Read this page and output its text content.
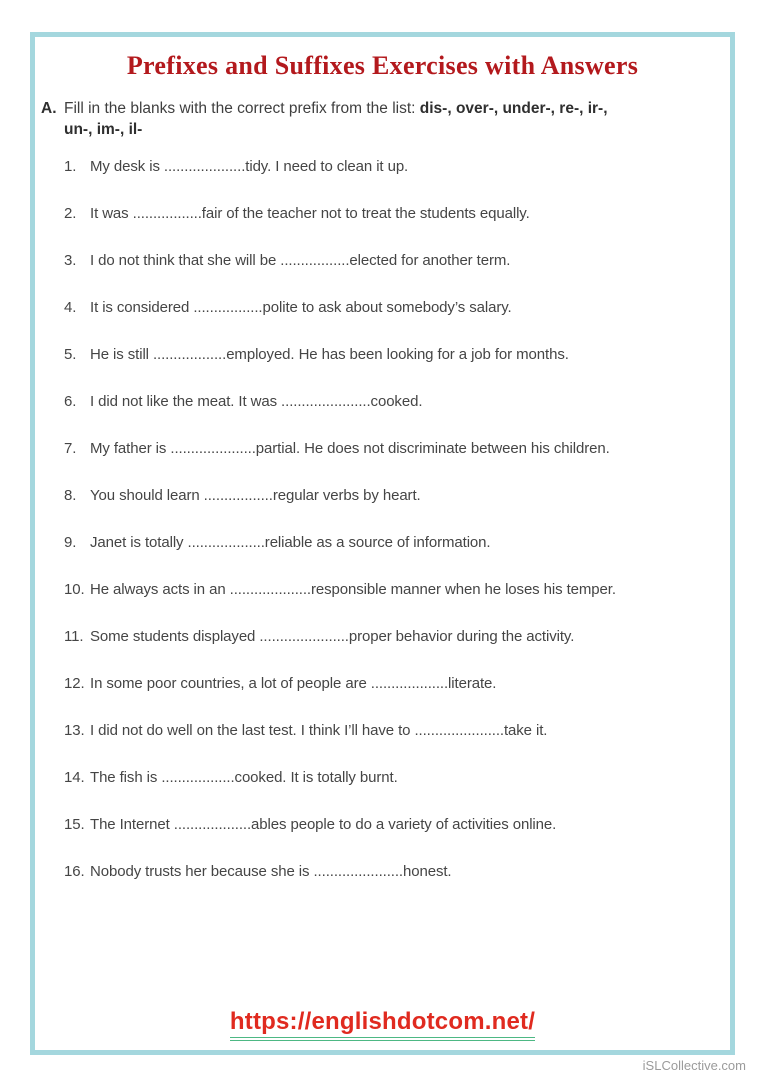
Prefixes and Suffixes Exercises with Answers
A. Fill in the blanks with the correct prefix from the list: dis-, over-, under-, re-, ir-,
un-, im-, il-
1. My desk is ....................tidy. I need to clean it up.
2. It was .................fair of the teacher not to treat the students equally.
3. I do not think that she will be .................elected for another term.
4. It is considered .................polite to ask about somebody’s salary.
5. He is still ..................employed. He has been looking for a job for months.
6. I did not like the meat. It was ......................cooked.
7. My father is .....................partial. He does not discriminate between his children.
8. You should learn .................regular verbs by heart.
9. Janet is totally ...................reliable as a source of information.
10. He always acts in an ....................responsible manner when he loses his temper.
11. Some students displayed ......................proper behavior during the activity.
12. In some poor countries, a lot of people are ...................literate.
13. I did not do well on the last test. I think I’ll have to ......................take it.
14. The fish is ..................cooked. It is totally burnt.
15. The Internet ...................ables people to do a variety of activities online.
16. Nobody trusts her because she is ......................honest.
https://englishdotcom.net/
iSLCollective.com
